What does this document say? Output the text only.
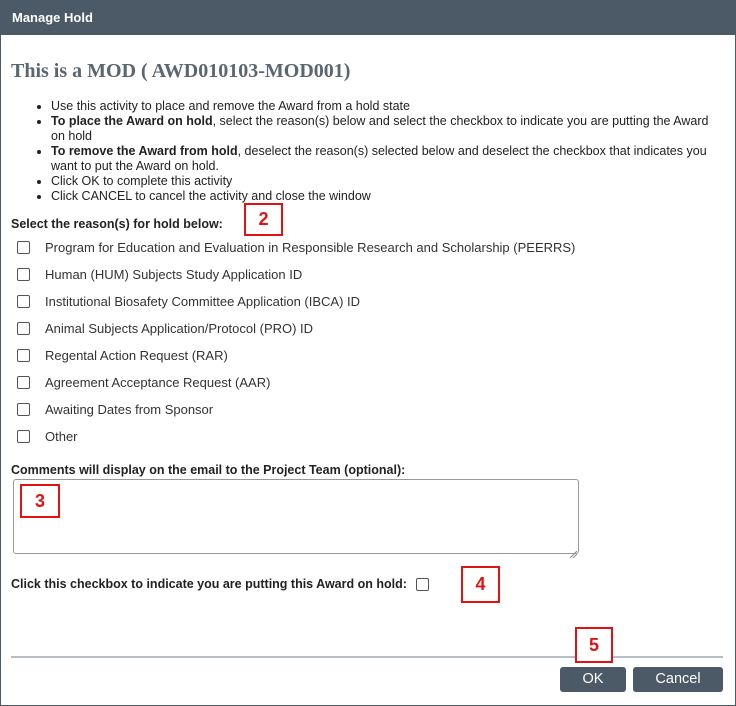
Manage Hold
This is a MOD ( AWD010103-MOD001)
• Use this activity to place and remove the Award from a hold state
• To place the Award on hold, select the reason(s) below and select the checkbox to indicate you are putting the Award on hold
• To remove the Award from hold, deselect the reason(s) selected below and deselect the checkbox that indicates you want to put the Award on hold.
• Click OK to complete this activity
• Click CANCEL to cancel the activity and close the window
Select the reason(s) for hold below:
Program for Education and Evaluation in Responsible Research and Scholarship (PEERRS)
Human (HUM) Subjects Study Application ID
Institutional Biosafety Committee Application (IBCA) ID
Animal Subjects Application/Protocol (PRO) ID
Regental Action Request (RAR)
Agreement Acceptance Request (AAR)
Awaiting Dates from Sponsor
Other
Comments will display on the email to the Project Team (optional):
Click this checkbox to indicate you are putting this Award on hold:
OK	Cancel
2
3
4
5
